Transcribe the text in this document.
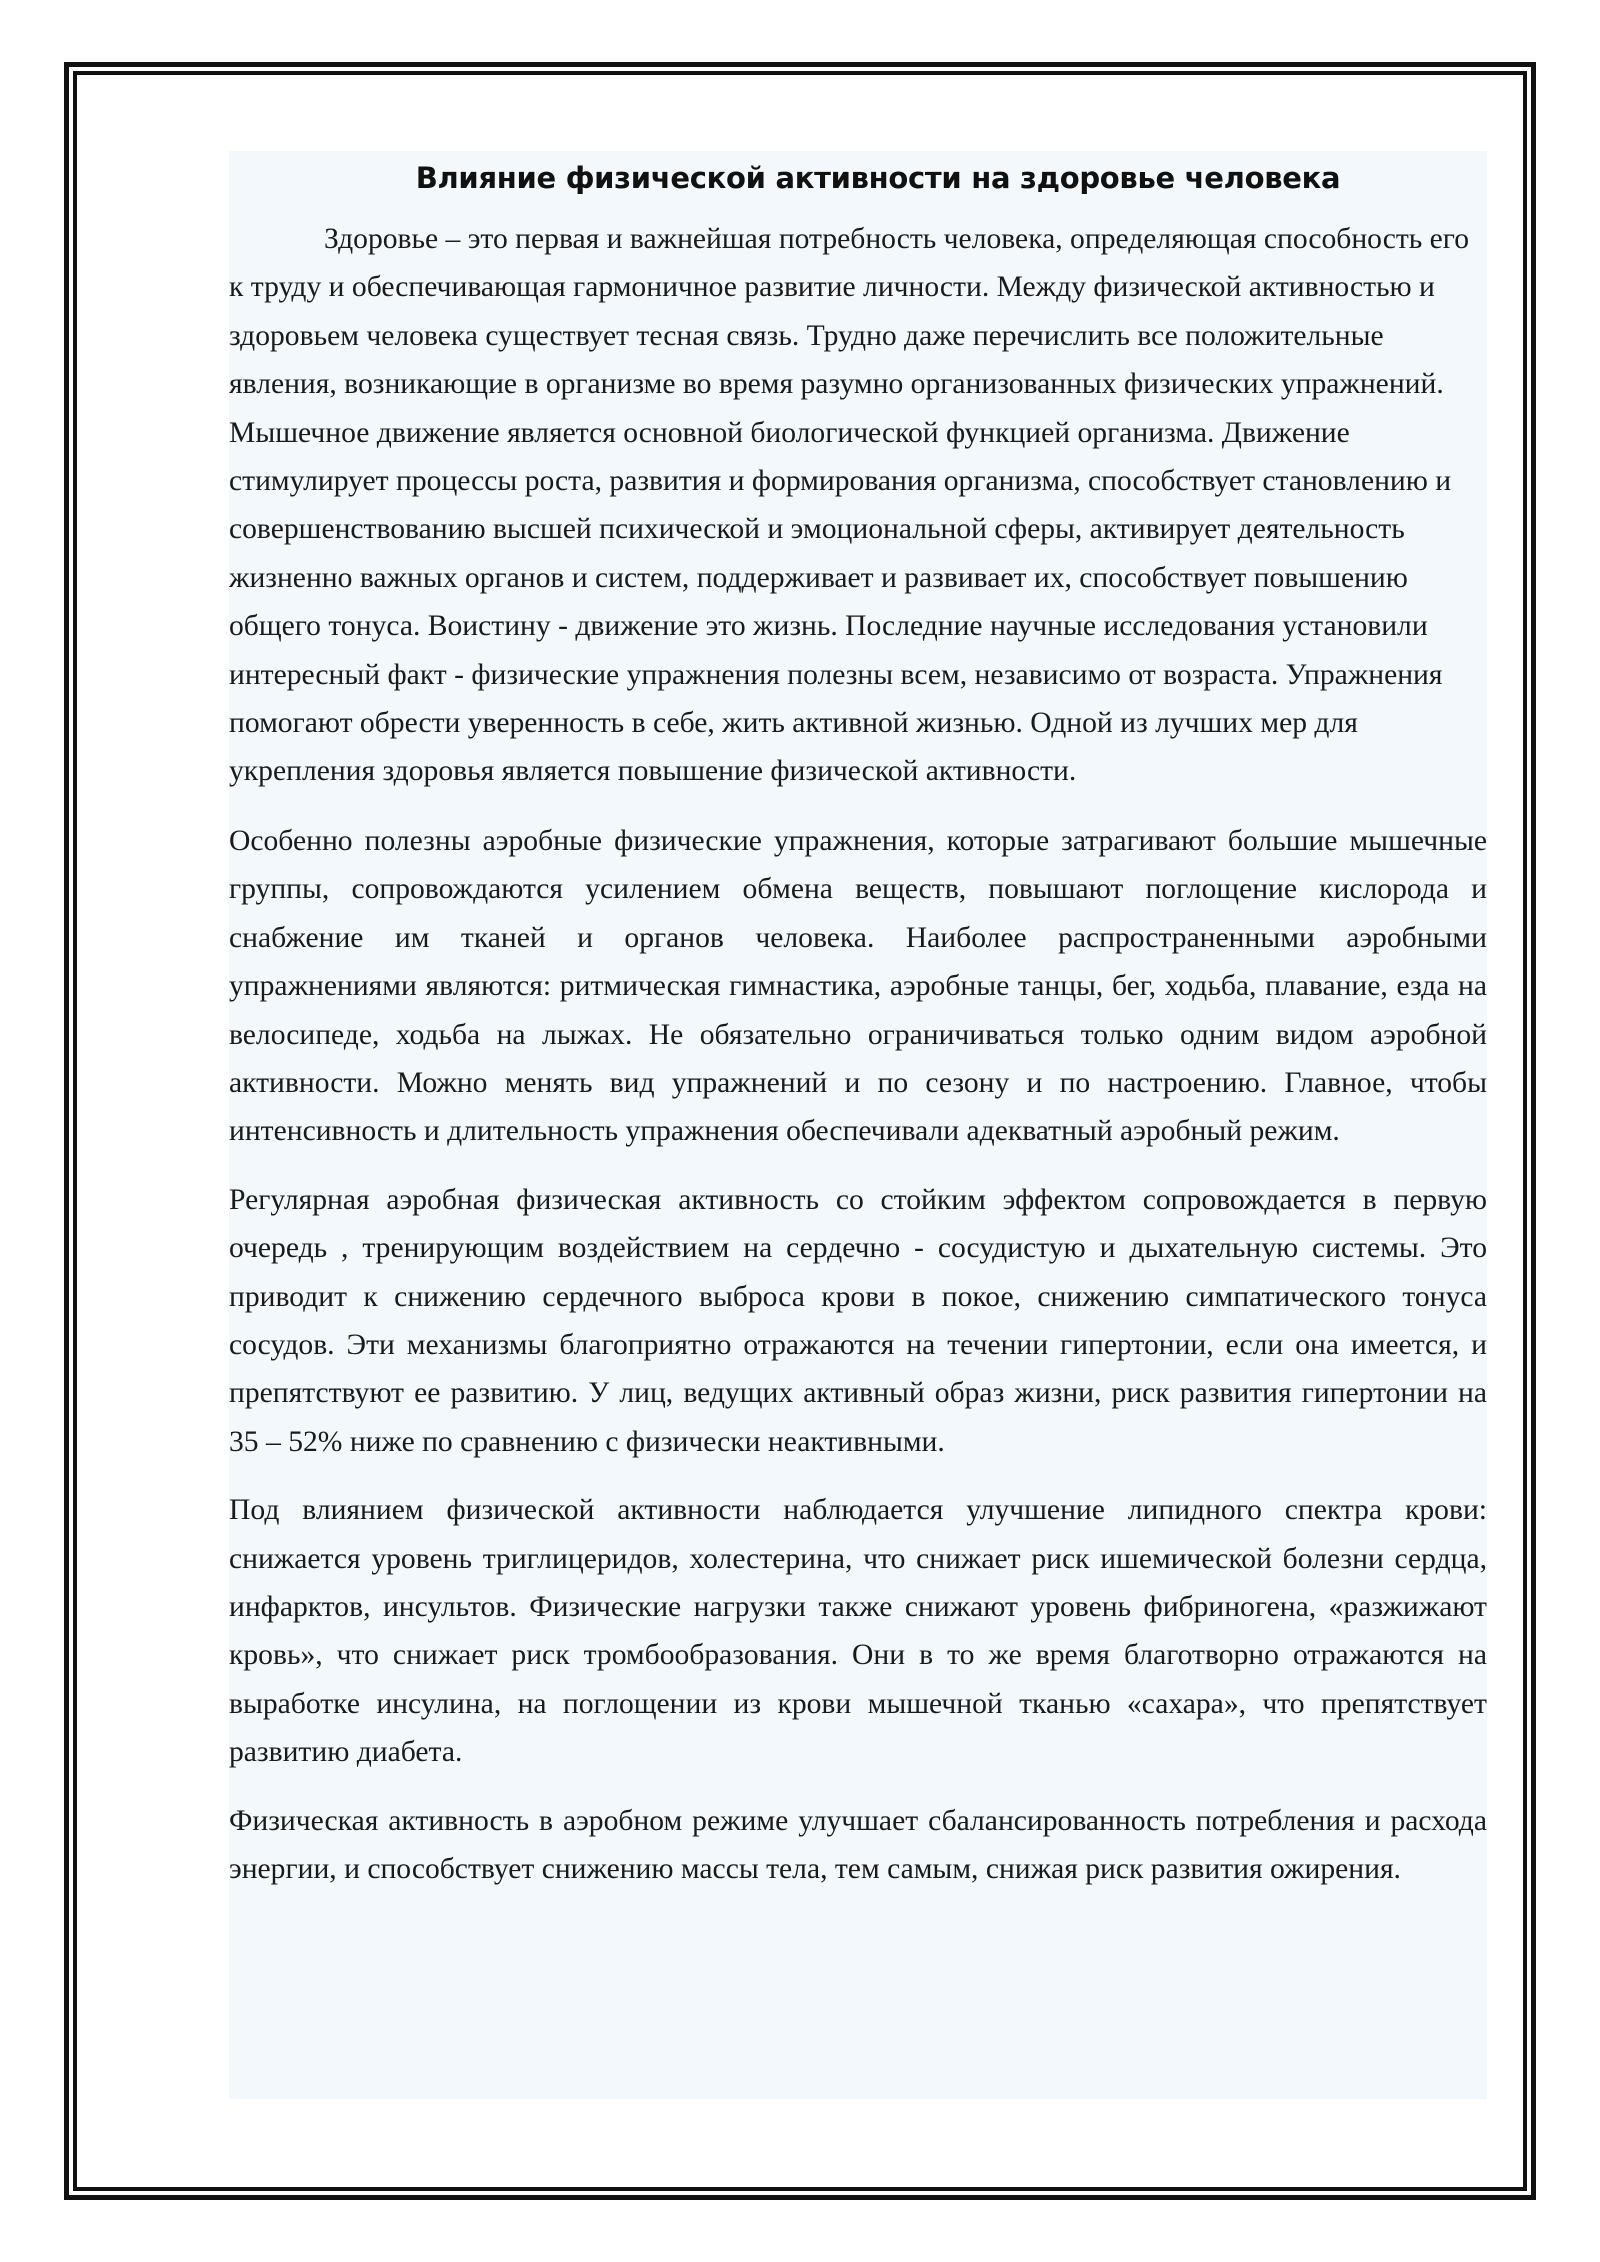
Влияние физической активности на здоровье человека

Здоровье – это первая и важнейшая потребность человека, определяющая способность его к труду и обеспечивающая гармоничное развитие личности. Между физической активностью и здоровьем человека существует тесная связь. Трудно даже перечислить все положительные явления, возникающие в организме во время разумно организованных физических упражнений. Мышечное движение является основной биологической функцией организма. Движение стимулирует процессы роста, развития и формирования организма, способствует становлению и совершенствованию высшей психической и эмоциональной сферы, активирует деятельность жизненно важных органов и систем, поддерживает и развивает их, способствует повышению общего тонуса. Воистину - движение это жизнь. Последние научные исследования установили интересный факт - физические упражнения полезны всем, независимо от возраста. Упражнения помогают обрести уверенность в себе, жить активной жизнью. Одной из лучших мер для укрепления здоровья является повышение физической активности.

Особенно полезны аэробные физические упражнения, которые затрагивают большие мышечные группы, сопровождаются усилением обмена веществ, повышают поглощение кислорода и снабжение им тканей и органов человека. Наиболее распространенными аэробными упражнениями являются: ритмическая гимнастика, аэробные танцы, бег, ходьба, плавание, езда на велосипеде, ходьба на лыжах. Не обязательно ограничиваться только одним видом аэробной активности. Можно менять вид упражнений и по сезону и по настроению. Главное, чтобы интенсивность и длительность упражнения обеспечивали адекватный аэробный режим.

Регулярная аэробная физическая активность со стойким эффектом сопровождается в первую очередь , тренирующим воздействием на сердечно - сосудистую и дыхательную системы. Это приводит к снижению сердечного выброса крови в покое, снижению симпатического тонуса сосудов. Эти механизмы благоприятно отражаются на течении гипертонии, если она имеется, и препятствуют ее развитию. У лиц, ведущих активный образ жизни, риск развития гипертонии на 35 – 52% ниже по сравнению с физически неактивными.

Под влиянием физической активности наблюдается улучшение липидного спектра крови: снижается уровень триглицеридов, холестерина, что снижает риск ишемической болезни сердца, инфарктов, инсультов. Физические нагрузки также снижают уровень фибриногена, «разжижают кровь», что снижает риск тромбообразования. Они в то же время благотворно отражаются на выработке инсулина, на поглощении из крови мышечной тканью «сахара», что препятствует развитию диабета.

Физическая активность в аэробном режиме улучшает сбалансированность потребления и расхода энергии, и способствует снижению массы тела, тем самым, снижая риск развития ожирения.
